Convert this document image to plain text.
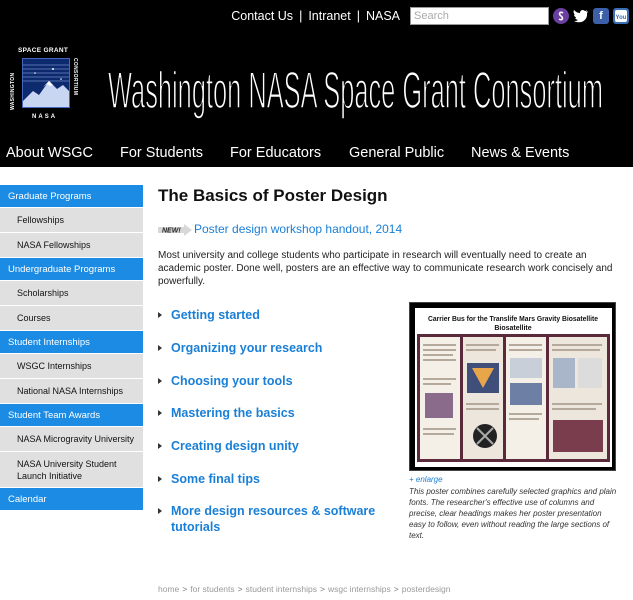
Contact Us | Intranet | NASA
Search	f	You
SPACE GRANT
WASHINGTON	CONSORTIUM
N A S A Washington NASA Space Grant Consortium
About WSGC For Students For Educators General Public News & Events
Graduate Programs
Fellowships
NASA Fellowships
Undergraduate Programs
Scholarships
Courses
Student Internships
WSGC Internships
National NASA Internships
Student Team Awards
NASA Microgravity University
NASA University Student Launch Initiative
Calendar
The Basics of Poster Design
NEW! Poster design workshop handout, 2014

Most university and college students who participate in research will eventually need to create an academic poster. Done well, posters are an effective way to communicate research work concisely and powerfully.

Getting started
Organizing your research
Choosing your tools
Mastering the basics
Creating design unity
Some final tips
More design resources & software tutorials
Carrier Bus for the Translife Mars Gravity Biosatellite
Biosatellite
+ enlarge

This poster combines carefully selected graphics and plain fonts. The researcher's effective use of columns and precise, clear headings makes her poster presentation easy to follow, even without reading the large sections of text.

home > for students > student internships > wsgc internships > posterdesign
